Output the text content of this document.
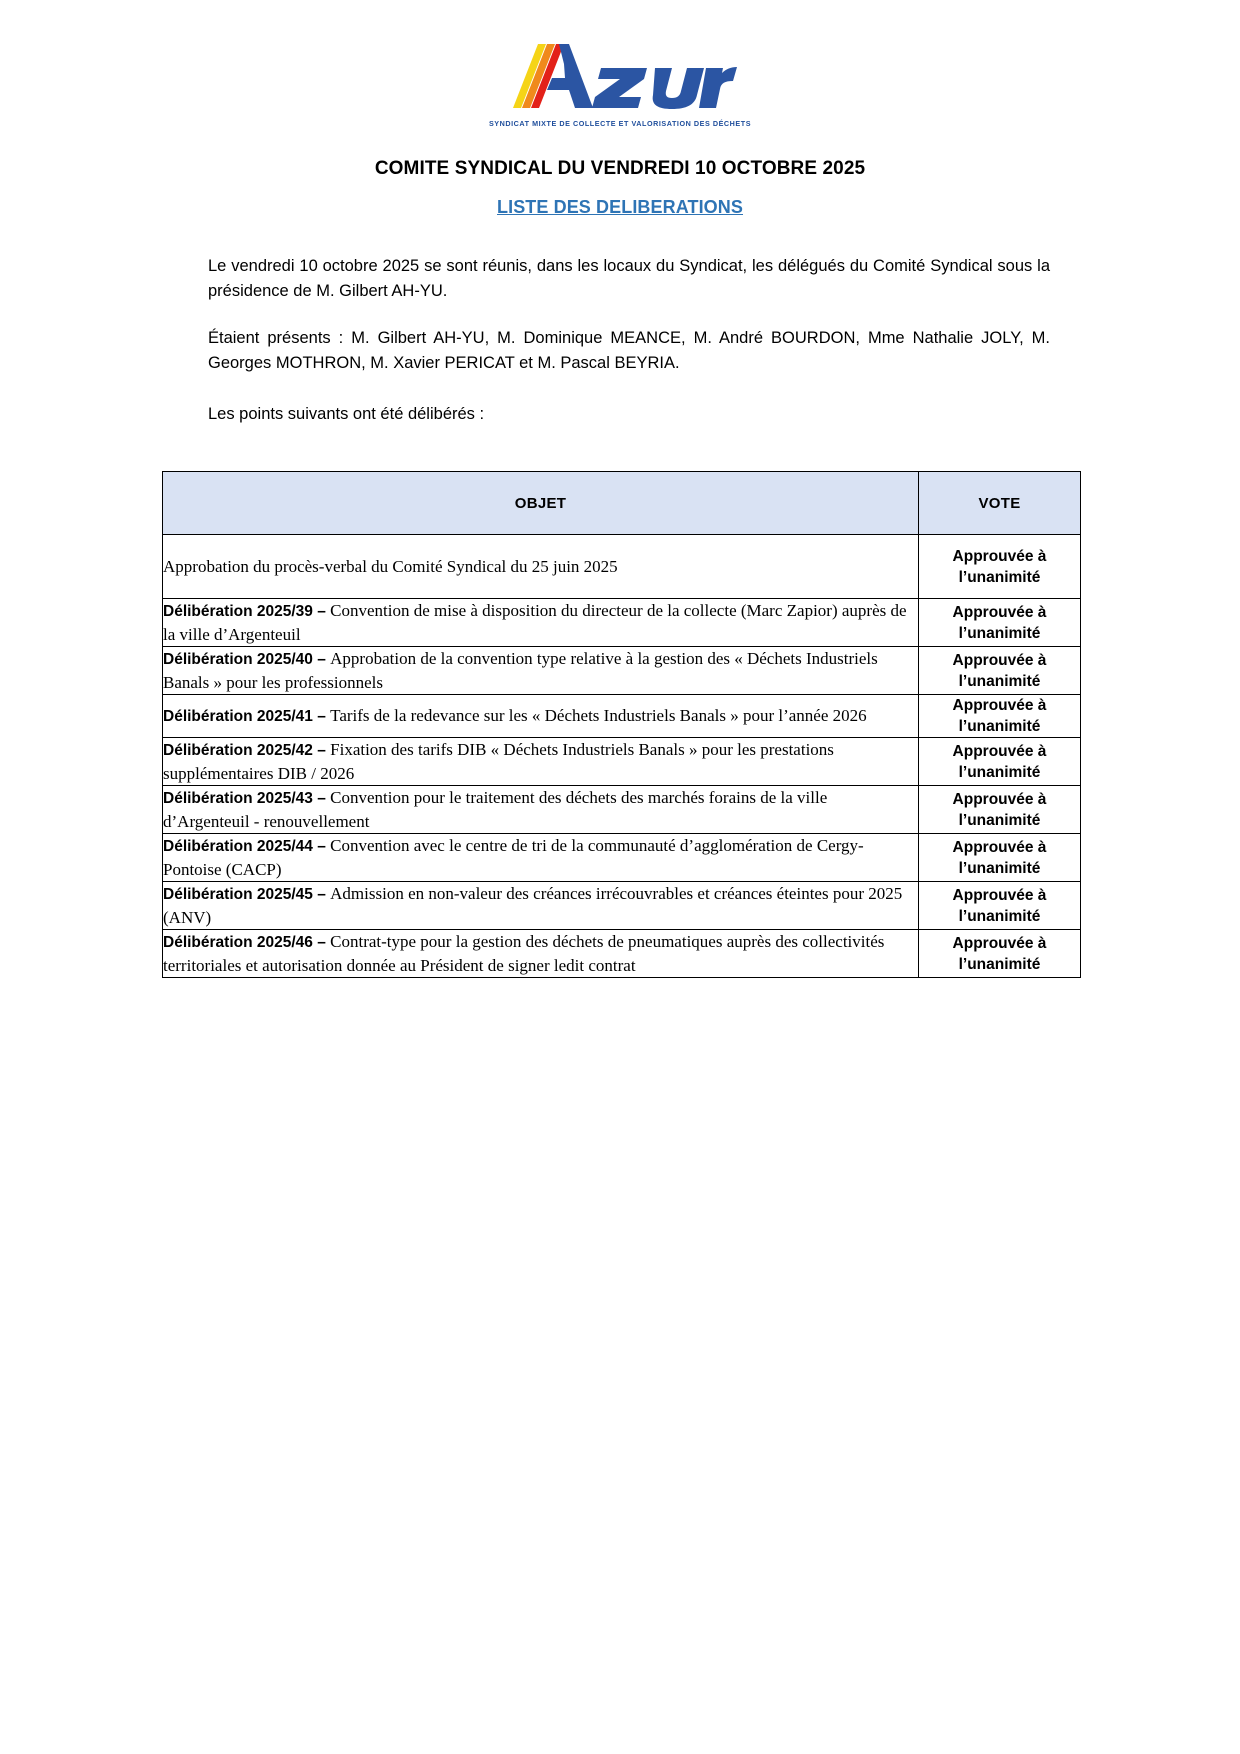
SYNDICAT MIXTE DE COLLECTE ET VALORISATION DES DÉCHETS
COMITE SYNDICAL DU VENDREDI 10 OCTOBRE 2025
LISTE DES DELIBERATIONS

Le vendredi 10 octobre 2025 se sont réunis, dans les locaux du Syndicat, les délégués du Comité Syndical sous la présidence de M. Gilbert AH-YU.

Étaient présents : M. Gilbert AH-YU, M. Dominique MEANCE, M. André BOURDON, Mme Nathalie JOLY, M. Georges MOTHRON, M. Xavier PERICAT et M. Pascal BEYRIA.

Les points suivants ont été délibérés :

OBJET	VOTE
Approbation du procès-verbal du Comité Syndical du 25 juin 2025	Approuvée à l’unanimité
Délibération 2025/39 – Convention de mise à disposition du directeur de la collecte (Marc Zapior) auprès de la ville d’Argenteuil	Approuvée à l’unanimité
Délibération 2025/40 – Approbation de la convention type relative à la gestion des « Déchets Industriels Banals » pour les professionnels	Approuvée à l’unanimité
Délibération 2025/41 – Tarifs de la redevance sur les « Déchets Industriels Banals » pour l’année 2026	Approuvée à l’unanimité
Délibération 2025/42 – Fixation des tarifs DIB « Déchets Industriels Banals » pour les prestations supplémentaires DIB / 2026	Approuvée à l’unanimité
Délibération 2025/43 – Convention pour le traitement des déchets des marchés forains de la ville d’Argenteuil - renouvellement	Approuvée à l’unanimité
Délibération 2025/44 – Convention avec le centre de tri de la communauté d’agglomération de Cergy-Pontoise (CACP)	Approuvée à l’unanimité
Délibération 2025/45 – Admission en non-valeur des créances irrécouvrables et créances éteintes pour 2025 (ANV)	Approuvée à l’unanimité
Délibération 2025/46 – Contrat-type pour la gestion des déchets de pneumatiques auprès des collectivités territoriales et autorisation donnée au Président de signer ledit contrat	Approuvée à l’unanimité
